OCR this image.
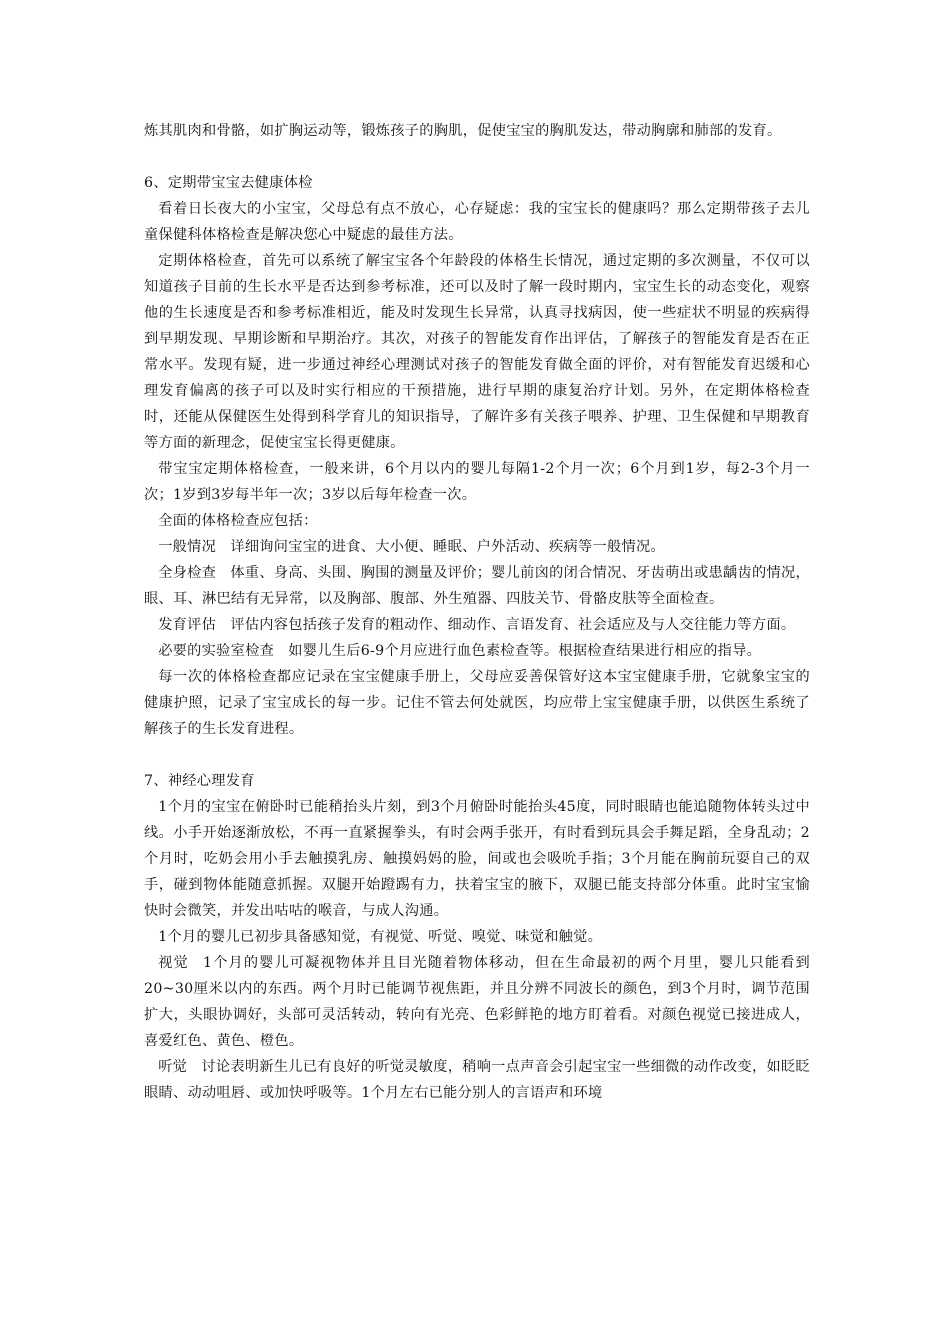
炼其肌肉和骨骼，如扩胸运动等，锻炼孩子的胸肌，促使宝宝的胸肌发达，带动胸廓和肺部的发育。

6、定期带宝宝去健康体检

看着日长夜大的小宝宝，父母总有点不放心，心存疑虑：我的宝宝长的健康吗？那么定期带孩子去儿童保健科体格检查是解决您心中疑虑的最佳方法。

定期体格检查，首先可以系统了解宝宝各个年龄段的体格生长情况，通过定期的多次测量，不仅可以知道孩子目前的生长水平是否达到参考标准，还可以及时了解一段时期内，宝宝生长的动态变化，观察他的生长速度是否和参考标准相近，能及时发现生长异常，认真寻找病因，使一些症状不明显的疾病得到早期发现、早期诊断和早期治疗。其次，对孩子的智能发育作出评估，了解孩子的智能发育是否在正常水平。发现有疑，进一步通过神经心理测试对孩子的智能发育做全面的评价，对有智能发育迟缓和心理发育偏离的孩子可以及时实行相应的干预措施，进行早期的康复治疗计划。另外，在定期体格检查时，还能从保健医生处得到科学育儿的知识指导，了解许多有关孩子喂养、护理、卫生保健和早期教育等方面的新理念，促使宝宝长得更健康。

带宝宝定期体格检查，一般来讲，6个月以内的婴儿每隔1-2个月一次；6个月到1岁，每2-3个月一次；1岁到3岁每半年一次；3岁以后每年检查一次。

全面的体格检查应包括：

一般情况 详细询问宝宝的进食、大小便、睡眠、户外活动、疾病等一般情况。

全身检查 体重、身高、头围、胸围的测量及评价；婴儿前囟的闭合情况、牙齿萌出或患龋齿的情况，眼、耳、淋巴结有无异常，以及胸部、腹部、外生殖器、四肢关节、骨骼皮肤等全面检查。

发育评估 评估内容包括孩子发育的粗动作、细动作、言语发育、社会适应及与人交往能力等方面。

必要的实验室检查 如婴儿生后6-9个月应进行血色素检查等。根据检查结果进行相应的指导。

每一次的体格检查都应记录在宝宝健康手册上，父母应妥善保管好这本宝宝健康手册，它就象宝宝的健康护照，记录了宝宝成长的每一步。记住不管去何处就医，均应带上宝宝健康手册，以供医生系统了解孩子的生长发育进程。

7、神经心理发育

1个月的宝宝在俯卧时已能稍抬头片刻，到3个月俯卧时能抬头45度，同时眼睛也能追随物体转头过中线。小手开始逐渐放松，不再一直紧握拳头，有时会两手张开，有时看到玩具会手舞足蹈，全身乱动；2个月时，吃奶会用小手去触摸乳房、触摸妈妈的脸，间或也会吸吮手指；3个月能在胸前玩耍自己的双手，碰到物体能随意抓握。双腿开始蹬踢有力，扶着宝宝的腋下，双腿已能支持部分体重。此时宝宝愉快时会微笑，并发出咕咕的喉音，与成人沟通。

1个月的婴儿已初步具备感知觉，有视觉、听觉、嗅觉、味觉和触觉。

视觉 1个月的婴儿可凝视物体并且目光随着物体移动，但在生命最初的两个月里，婴儿只能看到20~30厘米以内的东西。两个月时已能调节视焦距，并且分辨不同波长的颜色，到3个月时，调节范围扩大，头眼协调好，头部可灵活转动，转向有光亮、色彩鲜艳的地方盯着看。对颜色视觉已接进成人，喜爱红色、黄色、橙色。

听觉 讨论表明新生儿已有良好的听觉灵敏度，稍响一点声音会引起宝宝一些细微的动作改变，如眨眨眼睛、动动咀唇、或加快呼吸等。1个月左右已能分别人的言语声和环境
